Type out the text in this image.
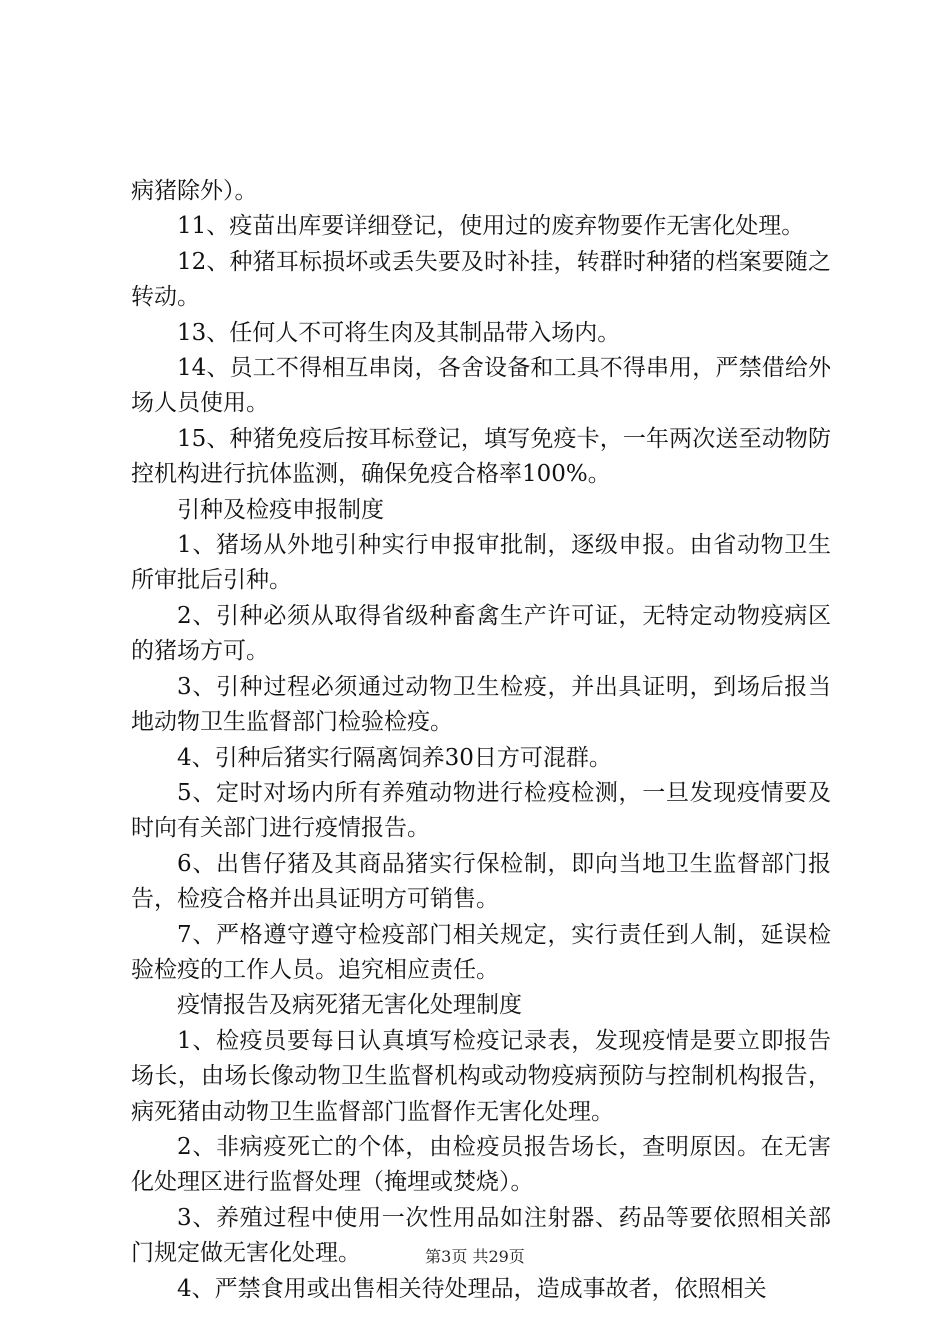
病猪除外）。

11、疫苗出库要详细登记，使用过的废弃物要作无害化处理。

12、种猪耳标损坏或丢失要及时补挂，转群时种猪的档案要随之转动。

13、任何人不可将生肉及其制品带入场内。

14、员工不得相互串岗，各舍设备和工具不得串用，严禁借给外场人员使用。

15、种猪免疫后按耳标登记，填写免疫卡，一年两次送至动物防控机构进行抗体监测，确保免疫合格率100%。

引种及检疫申报制度

1、猪场从外地引种实行申报审批制，逐级申报。由省动物卫生所审批后引种。

2、引种必须从取得省级种畜禽生产许可证，无特定动物疫病区的猪场方可。

3、引种过程必须通过动物卫生检疫，并出具证明，到场后报当地动物卫生监督部门检验检疫。

4、引种后猪实行隔离饲养30日方可混群。

5、定时对场内所有养殖动物进行检疫检测，一旦发现疫情要及时向有关部门进行疫情报告。

6、出售仔猪及其商品猪实行保检制，即向当地卫生监督部门报告，检疫合格并出具证明方可销售。

7、严格遵守遵守检疫部门相关规定，实行责任到人制，延误检验检疫的工作人员。追究相应责任。

疫情报告及病死猪无害化处理制度

1、检疫员要每日认真填写检疫记录表，发现疫情是要立即报告场长，由场长像动物卫生监督机构或动物疫病预防与控制机构报告，病死猪由动物卫生监督部门监督作无害化处理。

2、非病疫死亡的个体，由检疫员报告场长，查明原因。在无害化处理区进行监督处理（掩埋或焚烧）。

3、养殖过程中使用一次性用品如注射器、药品等要依照相关部门规定做无害化处理。

4、严禁食用或出售相关待处理品，造成事故者，依照相关

第3页 共29页
